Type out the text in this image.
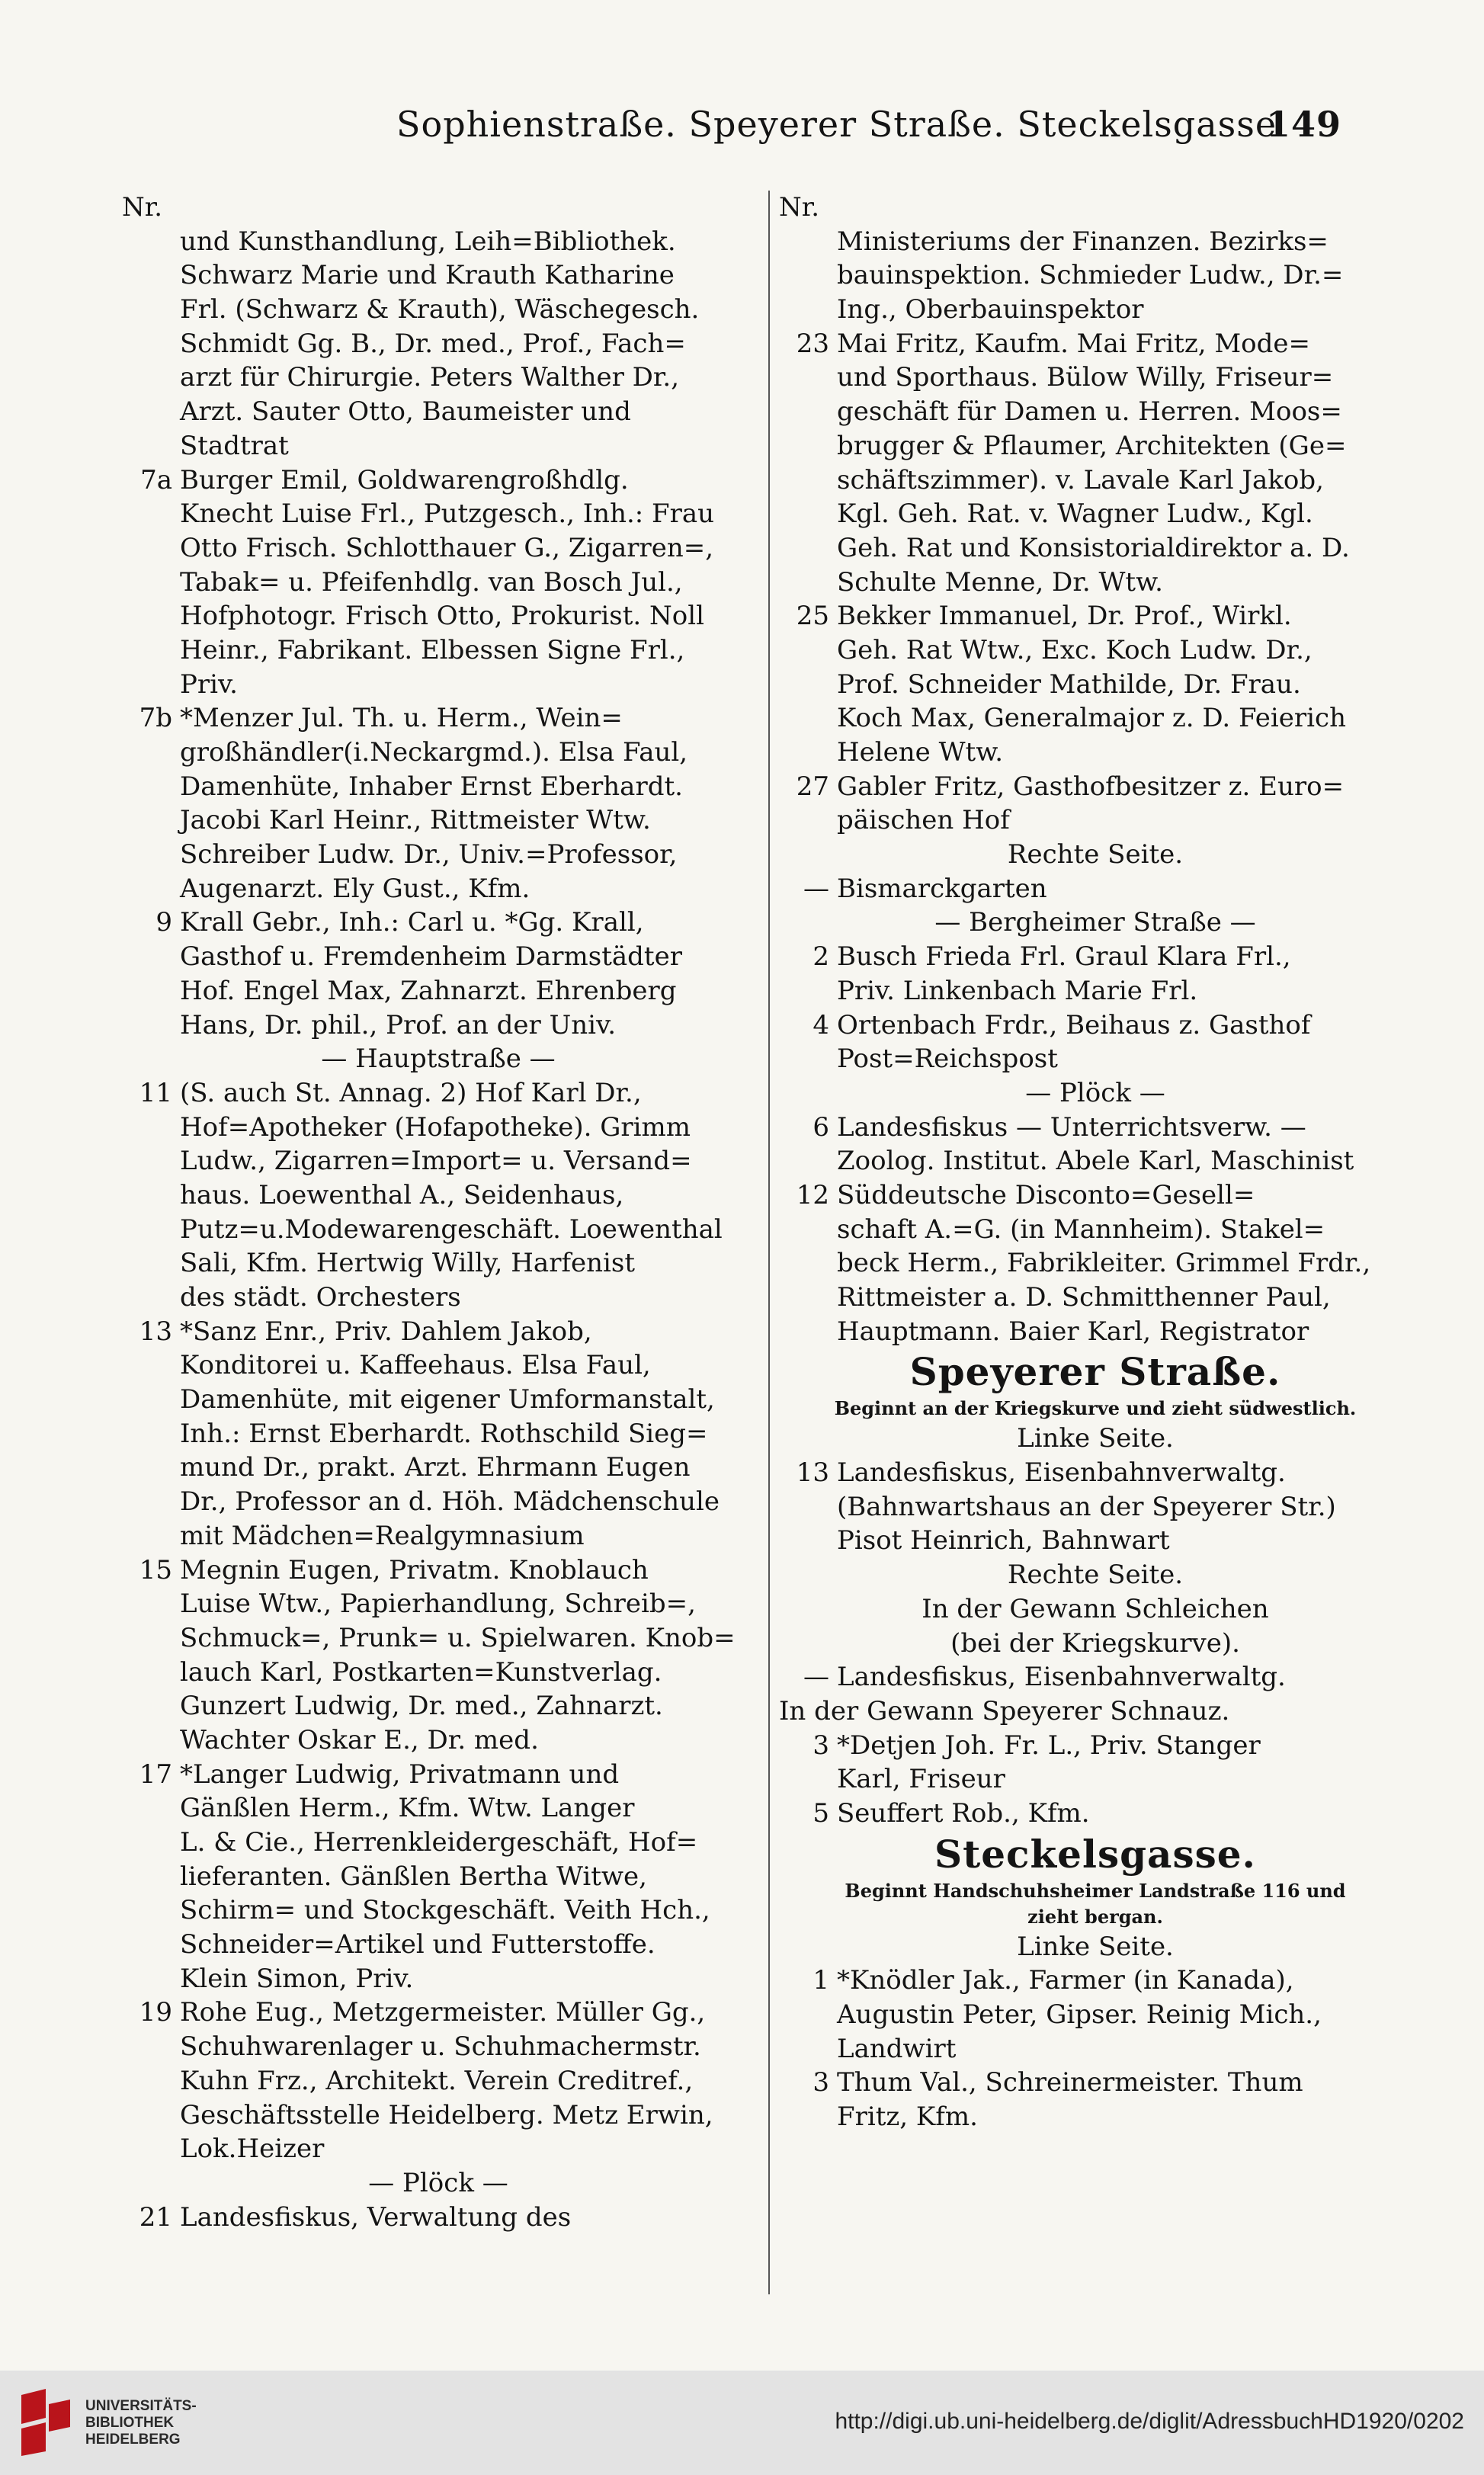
Sophienstraße. Speyerer Straße. Steckelsgasse
149
Nr.
und Kunsthandlung, Leih=Bibliothek.
Schwarz Marie und Krauth Katharine
Frl. (Schwarz & Krauth), Wäschegesch.
Schmidt Gg. B., Dr. med., Prof., Fach=
arzt für Chirurgie. Peters Walther Dr.,
Arzt. Sauter Otto, Baumeister und
Stadtrat
7a Burger Emil, Goldwarengroßhdlg.
Knecht Luise Frl., Putzgesch., Inh.: Frau
Otto Frisch. Schlotthauer G., Zigarren=,
Tabak= u. Pfeifenhdlg. van Bosch Jul.,
Hofphotogr. Frisch Otto, Prokurist. Noll
Heinr., Fabrikant. Elbessen Signe Frl.,
Priv.
7b *Menzer Jul. Th. u. Herm., Wein=
großhändler(i.Neckargmd.). Elsa Faul,
Damenhüte, Inhaber Ernst Eberhardt.
Jacobi Karl Heinr., Rittmeister Wtw.
Schreiber Ludw. Dr., Univ.=Professor,
Augenarzt. Ely Gust., Kfm.
9 Krall Gebr., Inh.: Carl u. *Gg. Krall,
Gasthof u. Fremdenheim Darmstädter
Hof. Engel Max, Zahnarzt. Ehrenberg
Hans, Dr. phil., Prof. an der Univ.
— Hauptstraße —
11 (S. auch St. Annag. 2) Hof Karl Dr.,
Hof=Apotheker (Hofapotheke). Grimm
Ludw., Zigarren=Import= u. Versand=
haus. Loewenthal A., Seidenhaus,
Putz=u.Modewarengeschäft. Loewenthal
Sali, Kfm. Hertwig Willy, Harfenist
des städt. Orchesters
13 *Sanz Enr., Priv. Dahlem Jakob,
Konditorei u. Kaffeehaus. Elsa Faul,
Damenhüte, mit eigener Umformanstalt,
Inh.: Ernst Eberhardt. Rothschild Sieg=
mund Dr., prakt. Arzt. Ehrmann Eugen
Dr., Professor an d. Höh. Mädchenschule
mit Mädchen=Realgymnasium
15 Megnin Eugen, Privatm. Knoblauch
Luise Wtw., Papierhandlung, Schreib=,
Schmuck=, Prunk= u. Spielwaren. Knob=
lauch Karl, Postkarten=Kunstverlag.
Gunzert Ludwig, Dr. med., Zahnarzt.
Wachter Oskar E., Dr. med.
17 *Langer Ludwig, Privatmann und
Gänßlen Herm., Kfm. Wtw. Langer
L. & Cie., Herrenkleidergeschäft, Hof=
lieferanten. Gänßlen Bertha Witwe,
Schirm= und Stockgeschäft. Veith Hch.,
Schneider=Artikel und Futterstoffe.
Klein Simon, Priv.
19 Rohe Eug., Metzgermeister. Müller Gg.,
Schuhwarenlager u. Schuhmachermstr.
Kuhn Frz., Architekt. Verein Creditref.,
Geschäftsstelle Heidelberg. Metz Erwin,
Lok.Heizer
— Plöck —
21 Landesfiskus, Verwaltung des
Nr.
Ministeriums der Finanzen. Bezirks=
bauinspektion. Schmieder Ludw., Dr.=
Ing., Oberbauinspektor
23 Mai Fritz, Kaufm. Mai Fritz, Mode=
und Sporthaus. Bülow Willy, Friseur=
geschäft für Damen u. Herren. Moos=
brugger & Pflaumer, Architekten (Ge=
schäftszimmer). v. Lavale Karl Jakob,
Kgl. Geh. Rat. v. Wagner Ludw., Kgl.
Geh. Rat und Konsistorialdirektor a. D.
Schulte Menne, Dr. Wtw.
25 Bekker Immanuel, Dr. Prof., Wirkl.
Geh. Rat Wtw., Exc. Koch Ludw. Dr.,
Prof. Schneider Mathilde, Dr. Frau.
Koch Max, Generalmajor z. D. Feierich
Helene Wtw.
27 Gabler Fritz, Gasthofbesitzer z. Euro=
päischen Hof
Rechte Seite.
— Bismarckgarten
— Bergheimer Straße —
2 Busch Frieda Frl. Graul Klara Frl.,
Priv. Linkenbach Marie Frl.
4 Ortenbach Frdr., Beihaus z. Gasthof
Post=Reichspost
— Plöck —
6 Landesfiskus — Unterrichtsverw. —
Zoolog. Institut. Abele Karl, Maschinist
12 Süddeutsche Disconto=Gesell=
schaft A.=G. (in Mannheim). Stakel=
beck Herm., Fabrikleiter. Grimmel Frdr.,
Rittmeister a. D. Schmitthenner Paul,
Hauptmann. Baier Karl, Registrator
Speyerer Straße.
Beginnt an der Kriegskurve und zieht südwestlich.
Linke Seite.
13 Landesfiskus, Eisenbahnverwaltg.
(Bahnwartshaus an der Speyerer Str.)
Pisot Heinrich, Bahnwart
Rechte Seite.
In der Gewann Schleichen
(bei der Kriegskurve).
— Landesfiskus, Eisenbahnverwaltg.
In der Gewann Speyerer Schnauz.
3 *Detjen Joh. Fr. L., Priv. Stanger
Karl, Friseur
5 Seuffert Rob., Kfm.
Steckelsgasse.
Beginnt Handschuhsheimer Landstraße 116 und
zieht bergan.
Linke Seite.
1 *Knödler Jak., Farmer (in Kanada),
Augustin Peter, Gipser. Reinig Mich.,
Landwirt
3 Thum Val., Schreinermeister. Thum
Fritz, Kfm.
UNIVERSITÄTS-
BIBLIOTHEK
HEIDELBERG
http://digi.ub.uni-heidelberg.de/diglit/AdressbuchHD1920/0202
